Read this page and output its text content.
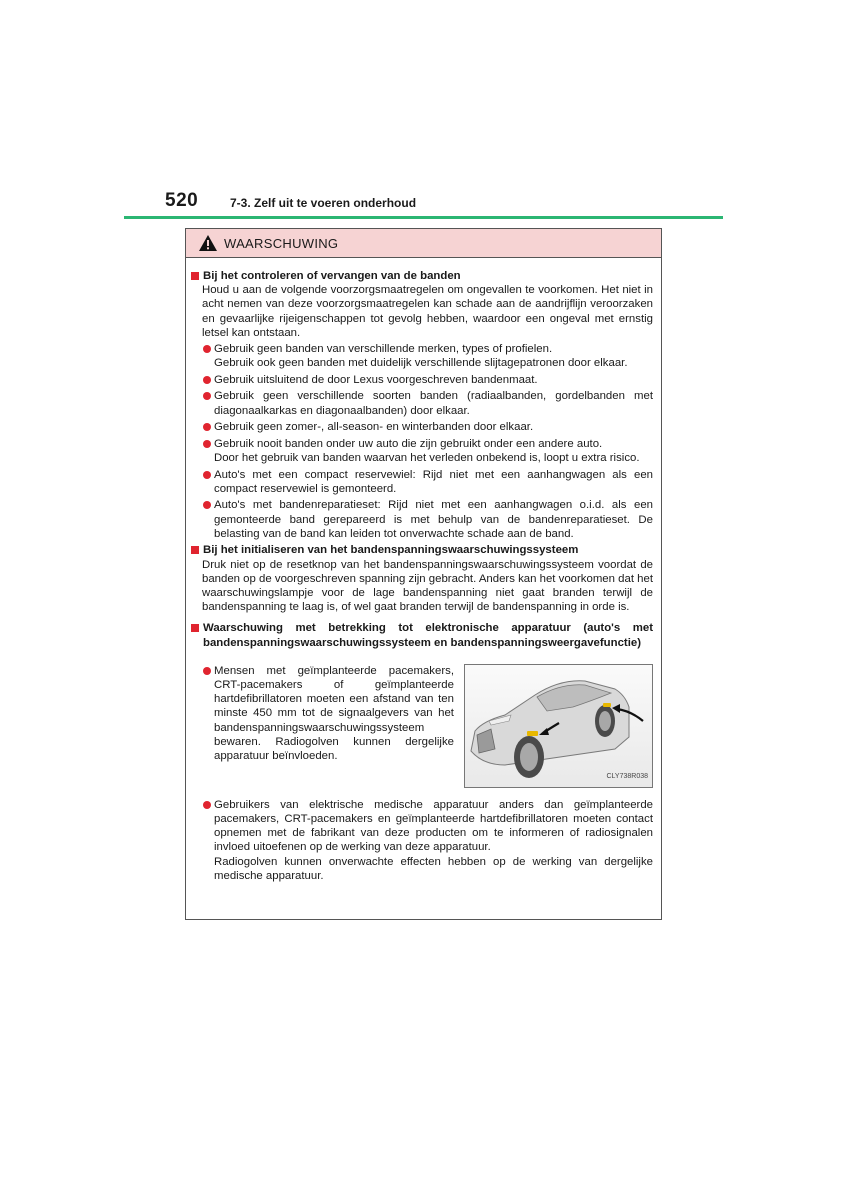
520	7-3. Zelf uit te voeren onderhoud
WAARSCHUWING
Bij het controleren of vervangen van de banden
Houd u aan de volgende voorzorgsmaatregelen om ongevallen te voorkomen. Het niet in acht nemen van deze voorzorgsmaatregelen kan schade aan de aandrijflijn veroorzaken en gevaarlijke rijeigenschappen tot gevolg hebben, waardoor een ongeval met ernstig letsel kan ontstaan.
Gebruik geen banden van verschillende merken, types of profielen.
Gebruik ook geen banden met duidelijk verschillende slijtagepatronen door elkaar.
Gebruik uitsluitend de door Lexus voorgeschreven bandenmaat.
Gebruik geen verschillende soorten banden (radiaalbanden, gordelbanden met diagonaalkarkas en diagonaalbanden) door elkaar.
Gebruik geen zomer-, all-season- en winterbanden door elkaar.
Gebruik nooit banden onder uw auto die zijn gebruikt onder een andere auto.
Door het gebruik van banden waarvan het verleden onbekend is, loopt u extra risico.
Auto's met een compact reservewiel: Rijd niet met een aanhangwagen als een compact reservewiel is gemonteerd.
Auto's met bandenreparatieset: Rijd niet met een aanhangwagen o.i.d. als een gemonteerde band gerepareerd is met behulp van de bandenreparatieset. De belasting van de band kan leiden tot onverwachte schade aan de band.
Bij het initialiseren van het bandenspanningswaarschuwingssysteem
Druk niet op de resetknop van het bandenspanningswaarschuwingssysteem voordat de banden op de voorgeschreven spanning zijn gebracht. Anders kan het voorkomen dat het waarschuwingslampje voor de lage bandenspanning niet gaat branden terwijl de bandenspanning te laag is, of wel gaat branden terwijl de bandenspanning in orde is.
Waarschuwing met betrekking tot elektronische apparatuur (auto's met bandenspanningswaarschuwingssysteem en bandenspanningsweergavefunctie)
Mensen met geïmplanteerde pacemakers, CRT-pacemakers of geïmplanteerde hartdefibrillatoren moeten een afstand van ten minste 450 mm tot de signaalgevers van het bandenspanningswaarschuwingssysteem bewaren. Radiogolven kunnen dergelijke apparatuur beïnvloeden.
CLY738R038
Gebruikers van elektrische medische apparatuur anders dan geïmplanteerde pacemakers, CRT-pacemakers en geïmplanteerde hartdefibrillatoren moeten contact opnemen met de fabrikant van deze producten om te informeren of radiosignalen invloed uitoefenen op de werking van deze apparatuur.
Radiogolven kunnen onverwachte effecten hebben op de werking van dergelijke medische apparatuur.
